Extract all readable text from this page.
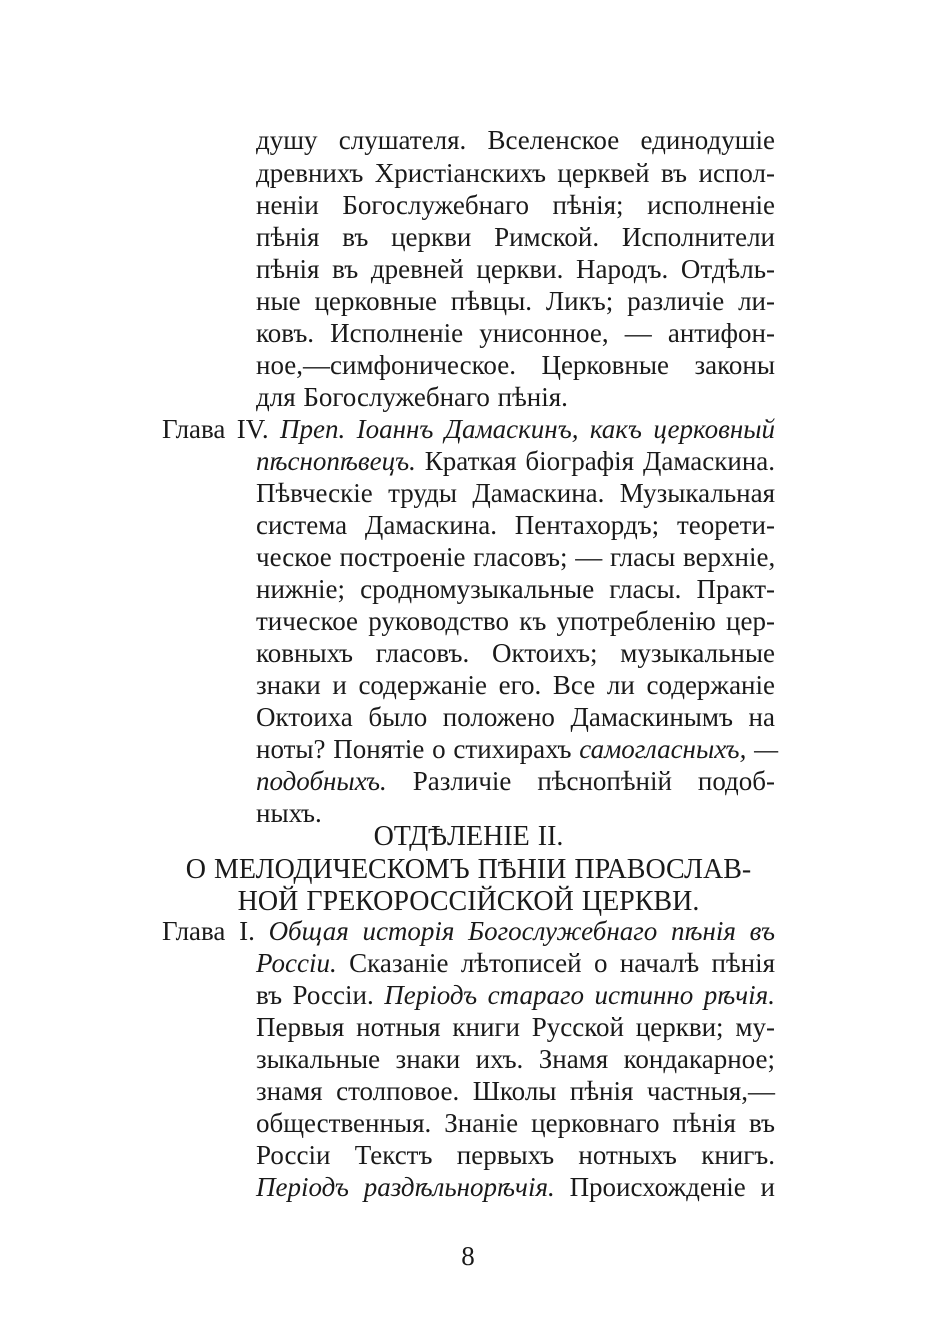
душу слушателя. Вселенское единодушіе
древнихъ Христіанскихъ церквей въ испол-
неніи Богослужебнаго пѣнія; исполненіе
пѣнія въ церкви Римской. Исполнители
пѣнія въ древней церкви. Народъ. Отдѣль-
ные церковные пѣвцы. Ликъ; различіе ли-
ковъ. Исполненіе унисонное, — антифон-
ное,—симфоническое. Церковные законы
для Богослужебнаго пѣнія.
Глава IV. Преп. Іоаннъ Дамаскинъ, какъ церковный
пѣснопѣвецъ. Краткая біографія Дамаскина.
Пѣвческіе труды Дамаскина. Музыкальная
система Дамаскина. Пентахордъ; теорети-
ческое построеніе гласовъ; — гласы верхніе,
нижніе; сродномузыкальные гласы. Практ-
тическое руководство къ употребленію цер-
ковныхъ гласовъ. Октоихъ; музыкальные
знаки и содержаніе его. Все ли содержаніе
Октоиха было положено Дамаскинымъ на
ноты? Понятіе о стихирахъ самогласныхъ, —
подобныхъ. Различіе пѣснопѣній подоб-
ныхъ.
ОТДѢЛЕНІЕ II.
О МЕЛОДИЧЕСКОМЪ ПѢНІИ ПРАВОСЛАВ-
НОЙ ГРЕКОРОССІЙСКОЙ ЦЕРКВИ.
Глава I. Общая исторія Богослужебнаго пѣнія въ
Россіи. Сказаніе лѣтописей о началѣ пѣнія
въ Россіи. Періодъ стараго истинно рѣчія.
Первыя нотныя книги Русской церкви; му-
зыкальные знаки ихъ. Знамя кондакарное;
знамя столповое. Школы пѣнія частныя,—
общественныя. Знаніе церковнаго пѣнія въ
Россіи Текстъ первыхъ нотныхъ книгъ.
Періодъ раздѣльнорѣчія. Происхожденіе и
8
